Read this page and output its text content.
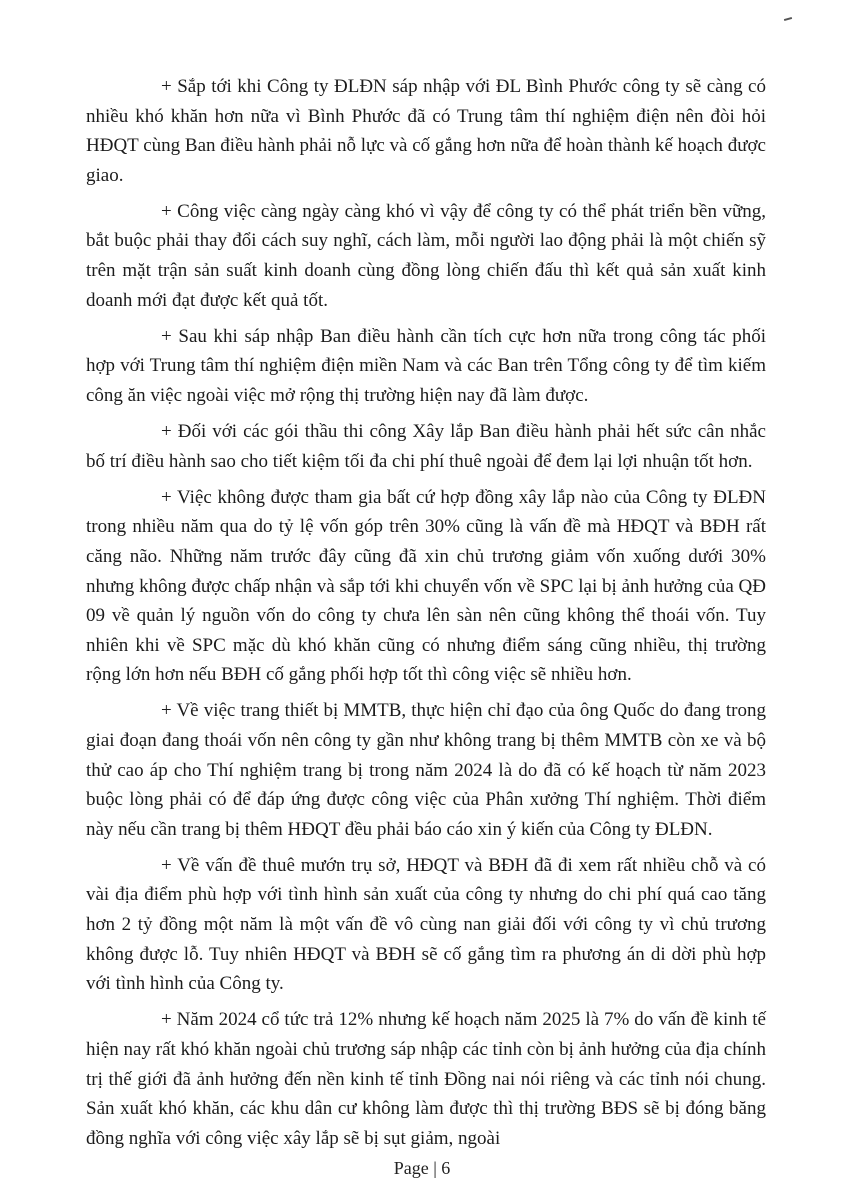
+ Sắp tới khi Công ty ĐLĐN sáp nhập với ĐL Bình Phước công ty sẽ càng có nhiều khó khăn hơn nữa vì Bình Phước đã có Trung tâm thí nghiệm điện nên đòi hỏi HĐQT cùng Ban điều hành phải nỗ lực và cố gắng hơn nữa để hoàn thành kế hoạch được giao.

+ Công việc càng ngày càng khó vì vậy để công ty có thể phát triển bền vững, bắt buộc phải thay đổi cách suy nghĩ, cách làm, mỗi người lao động phải là một chiến sỹ trên mặt trận sản suất kinh doanh cùng đồng lòng chiến đấu thì kết quả sản xuất kinh doanh mới đạt được kết quả tốt.

+ Sau khi sáp nhập Ban điều hành cần tích cực hơn nữa trong công tác phối hợp với Trung tâm thí nghiệm điện miền Nam và các Ban trên Tổng công ty để tìm kiếm công ăn việc ngoài việc mở rộng thị trường hiện nay đã làm được.

+ Đối với các gói thầu thi công Xây lắp Ban điều hành phải hết sức cân nhắc bố trí điều hành sao cho tiết kiệm tối đa chi phí thuê ngoài để đem lại lợi nhuận tốt hơn.

+ Việc không được tham gia bất cứ hợp đồng xây lắp nào của Công ty ĐLĐN trong nhiều năm qua do tỷ lệ vốn góp trên 30% cũng là vấn đề mà HĐQT và BĐH rất căng não. Những năm trước đây cũng đã xin chủ trương giảm vốn xuống dưới 30% nhưng không được chấp nhận và sắp tới khi chuyển vốn về SPC lại bị ảnh hưởng của QĐ 09 về quản lý nguồn vốn do công ty chưa lên sàn nên cũng không thể thoái vốn. Tuy nhiên khi về SPC mặc dù khó khăn cũng có nhưng điểm sáng cũng nhiều, thị trường rộng lớn hơn nếu BĐH cố gắng phối hợp tốt thì công việc sẽ nhiều hơn.

+ Về việc trang thiết bị MMTB, thực hiện chỉ đạo của ông Quốc do đang trong giai đoạn đang thoái vốn nên công ty gần như không trang bị thêm MMTB còn xe và bộ thử cao áp cho Thí nghiệm trang bị trong năm 2024 là do đã có kế hoạch từ năm 2023 buộc lòng phải có để đáp ứng được công việc của Phân xưởng Thí nghiệm. Thời điểm này nếu cần trang bị thêm HĐQT đều phải báo cáo xin ý kiến của Công ty ĐLĐN.

+ Về vấn đề thuê mướn trụ sở, HĐQT và BĐH đã đi xem rất nhiều chỗ và có vài địa điểm phù hợp với tình hình sản xuất của công ty nhưng do chi phí quá cao tăng hơn 2 tỷ đồng một năm là một vấn đề vô cùng nan giải đối với công ty vì chủ trương không được lỗ. Tuy nhiên HĐQT và BĐH sẽ cố gắng tìm ra phương án di dời phù hợp với tình hình của Công ty.

+ Năm 2024 cổ tức trả 12% nhưng kế hoạch năm 2025 là 7% do vấn đề kinh tế hiện nay rất khó khăn ngoài chủ trương sáp nhập các tỉnh còn bị ảnh hưởng của địa chính trị thế giới đã ảnh hưởng đến nền kinh tế tỉnh Đồng nai nói riêng và các tỉnh nói chung. Sản xuất khó khăn, các khu dân cư không làm được thì thị trường BĐS sẽ bị đóng băng đồng nghĩa với công việc xây lắp sẽ bị sụt giảm, ngoài

Page | 6
